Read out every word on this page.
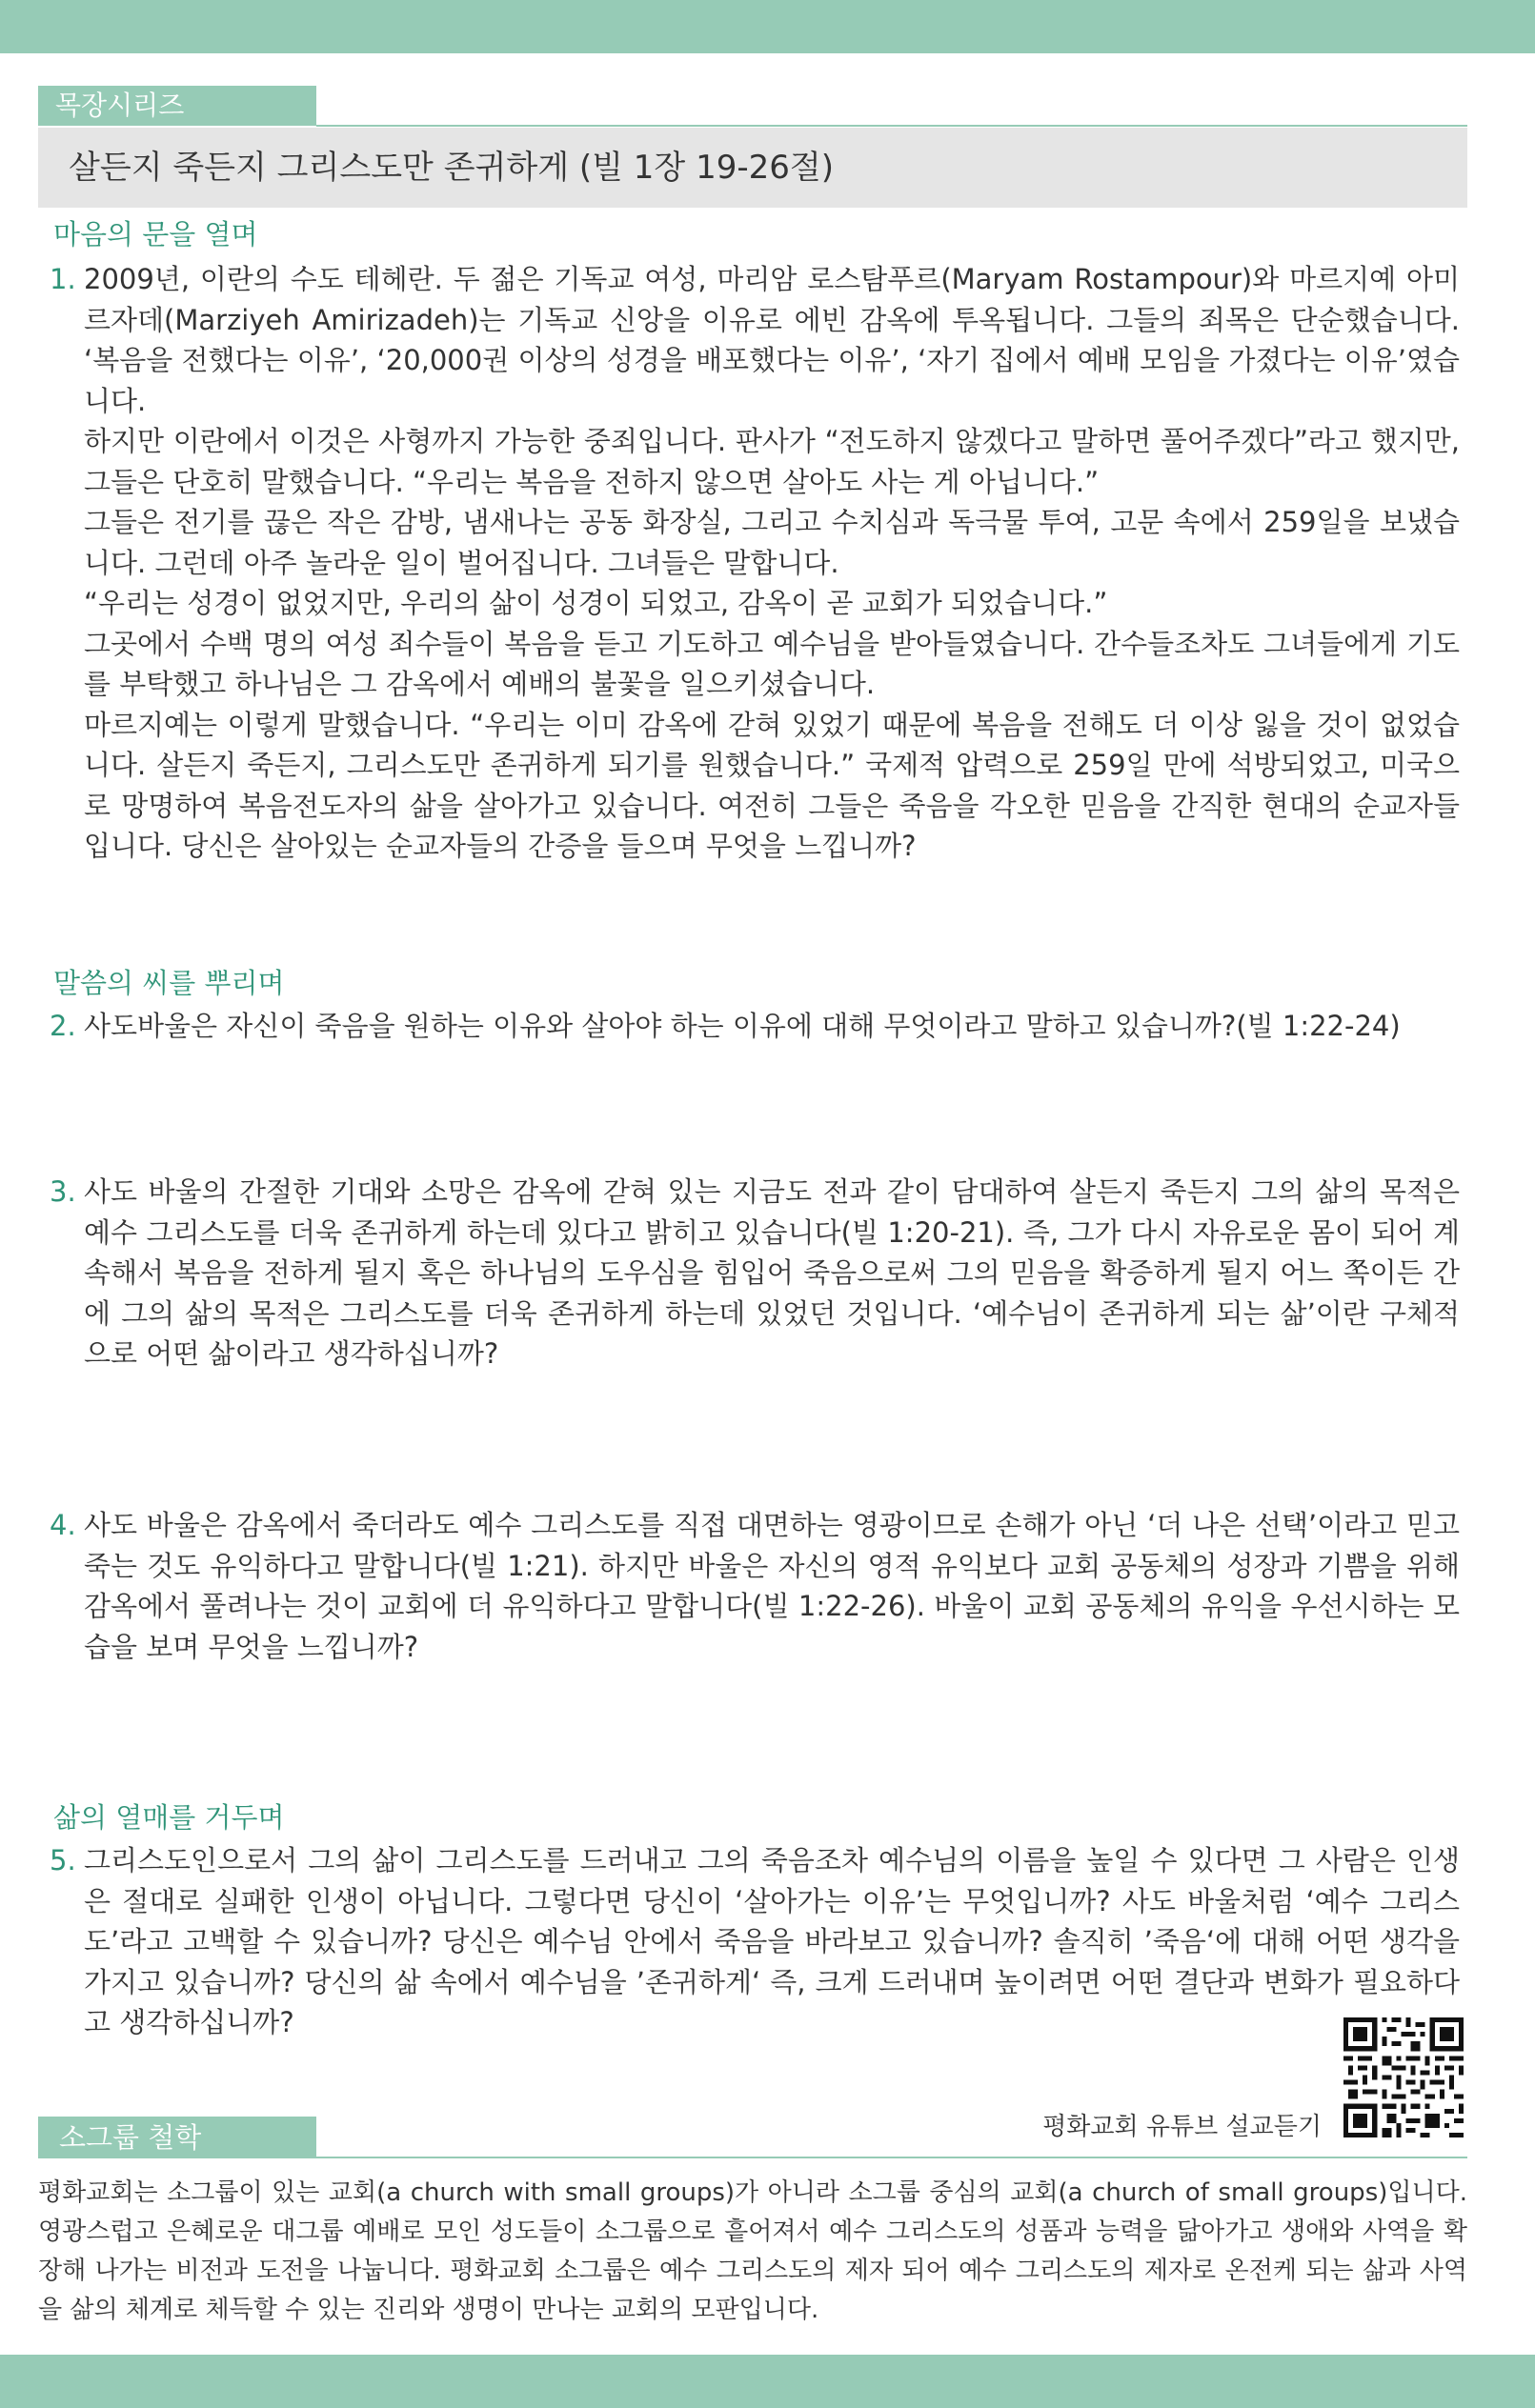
목장시리즈
살든지 죽든지 그리스도만 존귀하게 (빌 1장 19-26절)
마음의 문을 열며
1. 2009년, 이란의 수도 테헤란. 두 젊은 기독교 여성, 마리암 로스탐푸르(Maryam Rostampour)와 마르지예 아미르자데(Marziyeh Amirizadeh)는 기독교 신앙을 이유로 에빈 감옥에 투옥됩니다. 그들의 죄목은 단순했습니다. ‘복음을 전했다는 이유’, ‘20,000권 이상의 성경을 배포했다는 이유’, ‘자기 집에서 예배 모임을 가졌다는 이유’였습니다.

하지만 이란에서 이것은 사형까지 가능한 중죄입니다. 판사가 “전도하지 않겠다고 말하면 풀어주겠다”라고 했지만, 그들은 단호히 말했습니다. “우리는 복음을 전하지 않으면 살아도 사는 게 아닙니다.”

그들은 전기를 끊은 작은 감방, 냄새나는 공동 화장실, 그리고 수치심과 독극물 투여, 고문 속에서 259일을 보냈습니다. 그런데 아주 놀라운 일이 벌어집니다. 그녀들은 말합니다.

“우리는 성경이 없었지만, 우리의 삶이 성경이 되었고, 감옥이 곧 교회가 되었습니다.”

그곳에서 수백 명의 여성 죄수들이 복음을 듣고 기도하고 예수님을 받아들였습니다. 간수들조차도 그녀들에게 기도를 부탁했고 하나님은 그 감옥에서 예배의 불꽃을 일으키셨습니다.

마르지예는 이렇게 말했습니다. “우리는 이미 감옥에 갇혀 있었기 때문에 복음을 전해도 더 이상 잃을 것이 없었습니다. 살든지 죽든지, 그리스도만 존귀하게 되기를 원했습니다.” 국제적 압력으로 259일 만에 석방되었고, 미국으로 망명하여 복음전도자의 삶을 살아가고 있습니다. 여전히 그들은 죽음을 각오한 믿음을 간직한 현대의 순교자들입니다. 당신은 살아있는 순교자들의 간증을 들으며 무엇을 느낍니까?

말씀의 씨를 뿌리며
2. 사도바울은 자신이 죽음을 원하는 이유와 살아야 하는 이유에 대해 무엇이라고 말하고 있습니까?(빌 1:22-24)

3. 사도 바울의 간절한 기대와 소망은 감옥에 갇혀 있는 지금도 전과 같이 담대하여 살든지 죽든지 그의 삶의 목적은 예수 그리스도를 더욱 존귀하게 하는데 있다고 밝히고 있습니다(빌 1:20-21). 즉, 그가 다시 자유로운 몸이 되어 계속해서 복음을 전하게 될지 혹은 하나님의 도우심을 힘입어 죽음으로써 그의 믿음을 확증하게 될지 어느 쪽이든 간에 그의 삶의 목적은 그리스도를 더욱 존귀하게 하는데 있었던 것입니다. ‘예수님이 존귀하게 되는 삶’이란 구체적으로 어떤 삶이라고 생각하십니까?

4. 사도 바울은 감옥에서 죽더라도 예수 그리스도를 직접 대면하는 영광이므로 손해가 아닌 ‘더 나은 선택’이라고 믿고 죽는 것도 유익하다고 말합니다(빌 1:21). 하지만 바울은 자신의 영적 유익보다 교회 공동체의 성장과 기쁨을 위해 감옥에서 풀려나는 것이 교회에 더 유익하다고 말합니다(빌 1:22-26). 바울이 교회 공동체의 유익을 우선시하는 모습을 보며 무엇을 느낍니까?

삶의 열매를 거두며
5. 그리스도인으로서 그의 삶이 그리스도를 드러내고 그의 죽음조차 예수님의 이름을 높일 수 있다면 그 사람은 인생은 절대로 실패한 인생이 아닙니다. 그렇다면 당신이 ‘살아가는 이유’는 무엇입니까? 사도 바울처럼 ‘예수 그리스도’라고 고백할 수 있습니까? 당신은 예수님 안에서 죽음을 바라보고 있습니까? 솔직히 ’죽음‘에 대해 어떤 생각을 가지고 있습니까? 당신의 삶 속에서 예수님을 ’존귀하게‘ 즉, 크게 드러내며 높이려면 어떤 결단과 변화가 필요하다고 생각하십니까?

평화교회 유튜브 설교듣기
소그룹 철학
평화교회는 소그룹이 있는 교회(a church with small groups)가 아니라 소그룹 중심의 교회(a church of small groups)입니다. 영광스럽고 은혜로운 대그룹 예배로 모인 성도들이 소그룹으로 흩어져서 예수 그리스도의 성품과 능력을 닮아가고 생애와 사역을 확장해 나가는 비전과 도전을 나눕니다. 평화교회 소그룹은 예수 그리스도의 제자 되어 예수 그리스도의 제자로 온전케 되는 삶과 사역을 삶의 체계로 체득할 수 있는 진리와 생명이 만나는 교회의 모판입니다.
